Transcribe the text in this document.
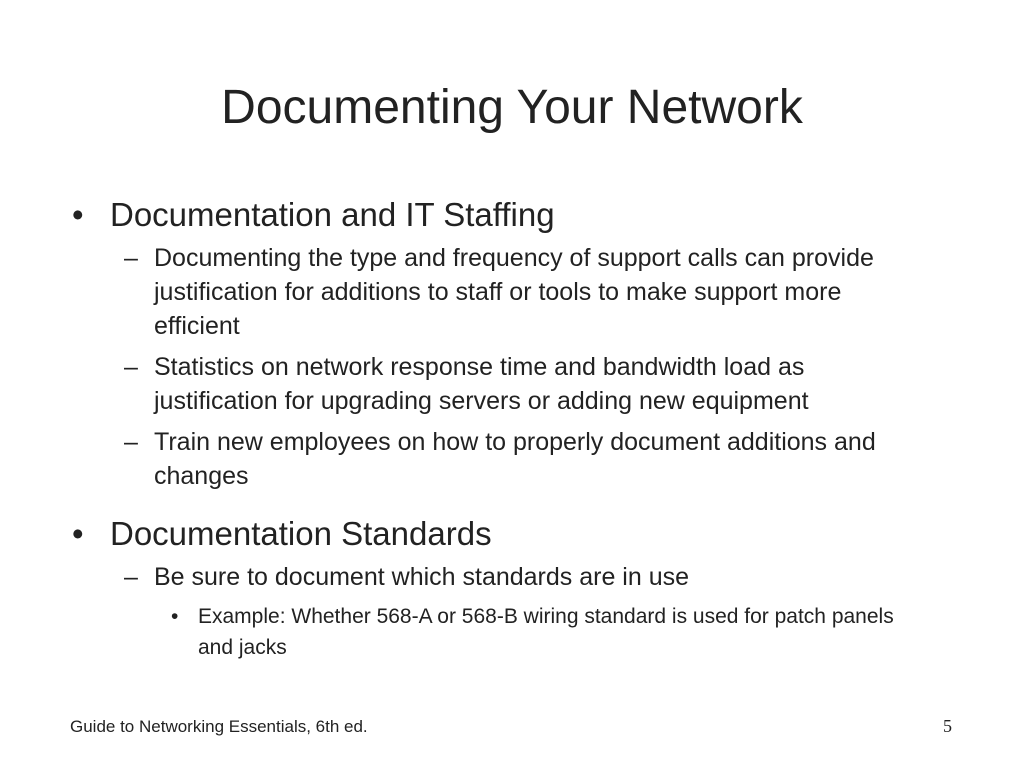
Documenting Your Network
• Documentation and IT Staffing
– Documenting the type and frequency of support calls can provide justification for additions to staff or tools to make support more efficient
– Statistics on network response time and bandwidth load as justification for upgrading servers or adding new equipment
– Train new employees on how to properly document additions and changes
• Documentation Standards
– Be sure to document which standards are in use
• Example: Whether 568-A or 568-B wiring standard is used for patch panels and jacks
Guide to Networking Essentials, 6th ed.	5
